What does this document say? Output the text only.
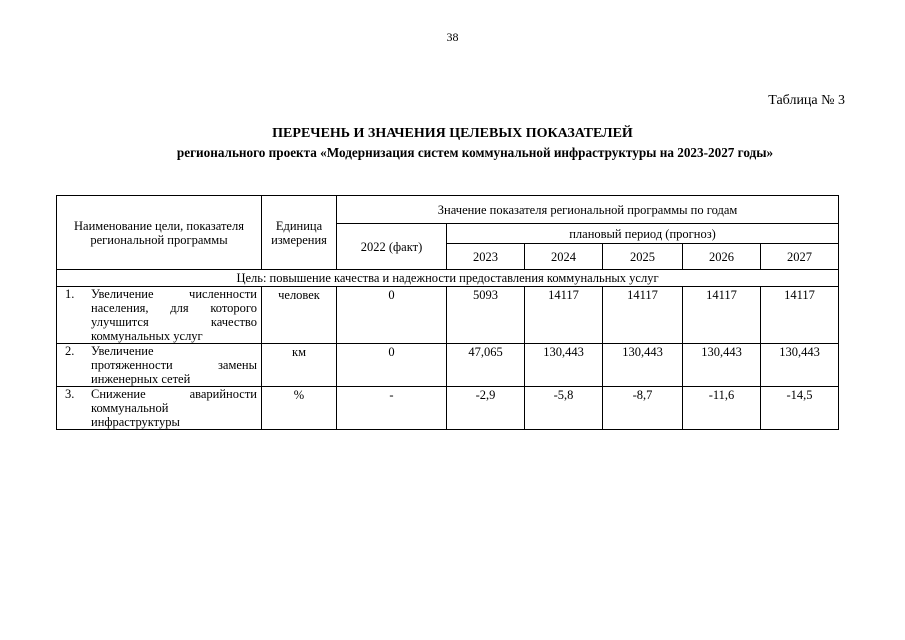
38
Таблица № 3
ПЕРЕЧЕНЬ И ЗНАЧЕНИЯ ЦЕЛЕВЫХ ПОКАЗАТЕЛЕЙ
регионального проекта «Модернизация систем коммунальной инфраструктуры на 2023-2027 годы»
Наименование цели, показателя региональной программы	Единица измерения	Значение показателя региональной программы по годам					
		2022 (факт)	плановый период (прогноз)				
			2023	2024	2025	2026	2027
Цель: повышение качества и надежности предоставления коммунальных услуг							

1. Увеличение численности
населения, для которого
улучшится качество
коммунальных услуг	человек	0	5093	14117	14117	14117	14117

2. Увеличение
протяженности замены
инженерных сетей	км	0	47,065	130,443	130,443	130,443	130,443

3. Снижение аварийности
коммунальной
инфраструктуры	%	-	-2,9	-5,8	-8,7	-11,6	-14,5
